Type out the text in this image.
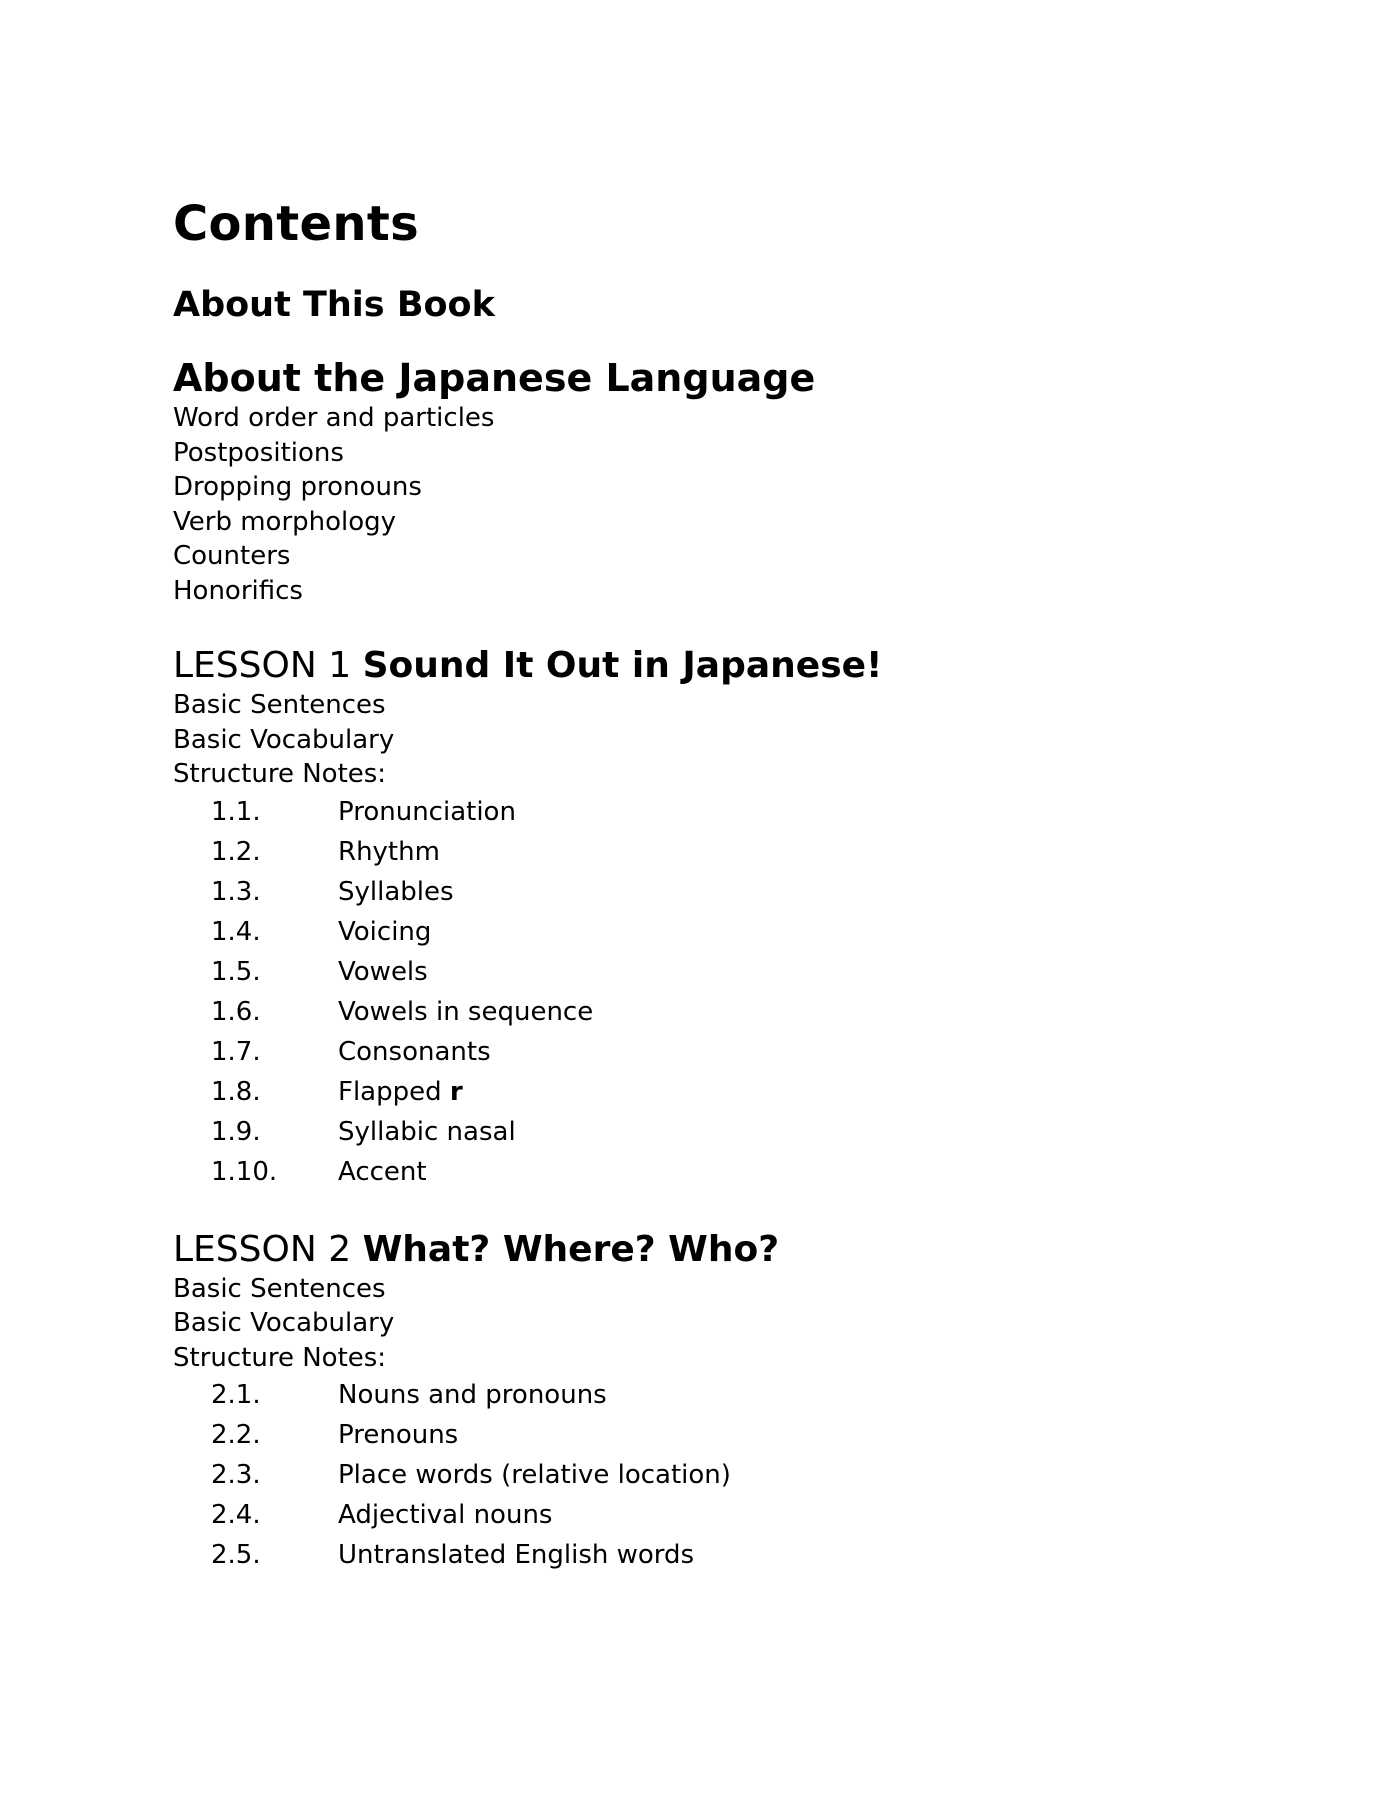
Contents
About This Book
About the Japanese Language

Word order and particles

Postpositions

Dropping pronouns

Verb morphology

Counters

Honorifics

LESSON 1 Sound It Out in Japanese!

Basic Sentences

Basic Vocabulary

Structure Notes:

1.1.	Pronunciation
1.2.	Rhythm
1.3.	Syllables
1.4.	Voicing
1.5.	Vowels
1.6.	Vowels in sequence
1.7.	Consonants
1.8.	Flapped r
1.9.	Syllabic nasal
1.10.	Accent
LESSON 2 What? Where? Who?

Basic Sentences

Basic Vocabulary

Structure Notes:

2.1.	Nouns and pronouns
2.2.	Prenouns
2.3.	Place words (relative location)
2.4.	Adjectival nouns
2.5.	Untranslated English words
